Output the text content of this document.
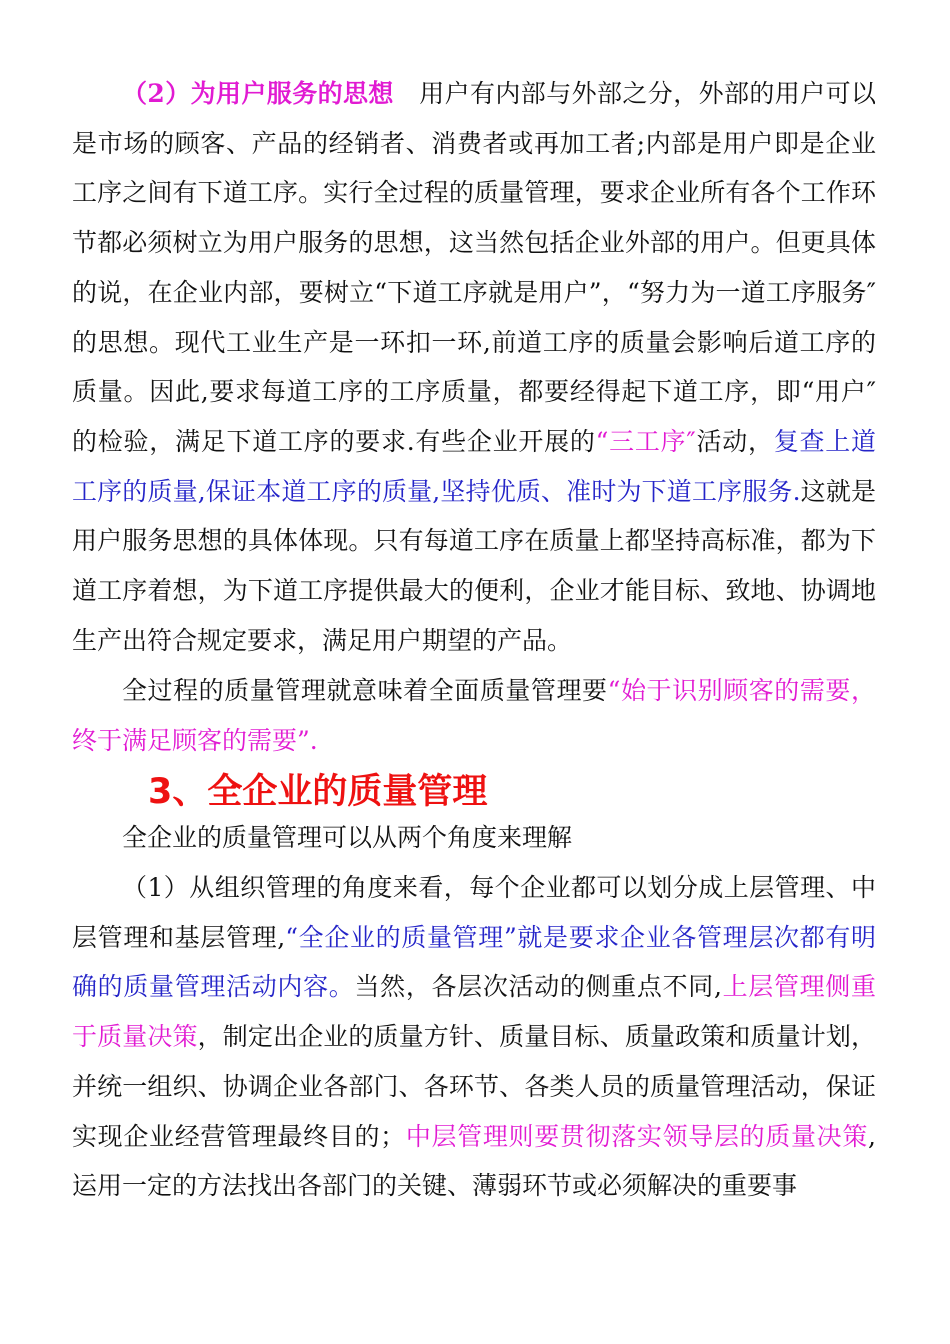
（2）为用户服务的思想　用户有内部与外部之分，外部的用户可以是市场的顾客、产品的经销者、消费者或再加工者;内部是用户即是企业工序之间有下道工序。实行全过程的质量管理，要求企业所有各个工作环节都必须树立为用户服务的思想，这当然包括企业外部的用户。但更具体的说，在企业内部，要树立“下道工序就是用户”，“努力为一道工序服务″的思想。现代工业生产是一环扣一环,前道工序的质量会影响后道工序的质量。因此,要求每道工序的工序质量，都要经得起下道工序，即“用户″的检验，满足下道工序的要求.有些企业开展的“三工序″活动，复查上道工序的质量,保证本道工序的质量,坚持优质、准时为下道工序服务.这就是用户服务思想的具体体现。只有每道工序在质量上都坚持高标准，都为下道工序着想，为下道工序提供最大的便利，企业才能目标、致地、协调地生产出符合规定要求，满足用户期望的产品。

全过程的质量管理就意味着全面质量管理要“始于识别顾客的需要，终于满足顾客的需要”.

3、全企业的质量管理

全企业的质量管理可以从两个角度来理解

（1）从组织管理的角度来看，每个企业都可以划分成上层管理、中层管理和基层管理,“全企业的质量管理”就是要求企业各管理层次都有明确的质量管理活动内容。当然，各层次活动的侧重点不同,上层管理侧重于质量决策，制定出企业的质量方针、质量目标、质量政策和质量计划，并统一组织、协调企业各部门、各环节、各类人员的质量管理活动，保证实现企业经营管理最终目的；中层管理则要贯彻落实领导层的质量决策,运用一定的方法找出各部门的关键、薄弱环节或必须解决的重要事
